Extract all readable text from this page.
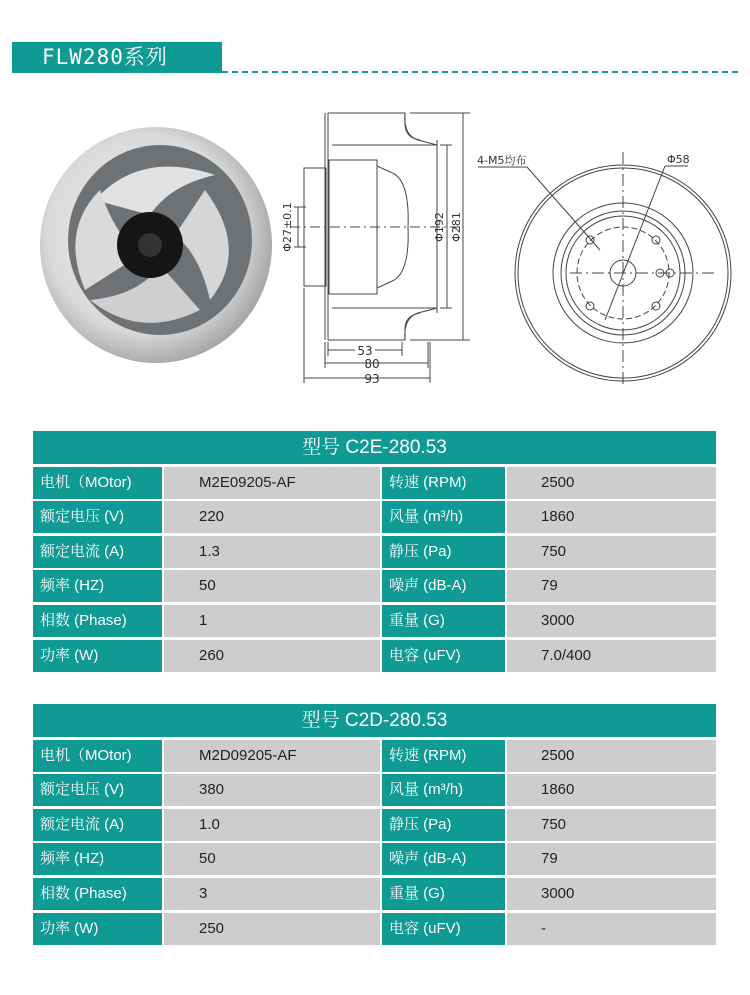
FLW280系列
53
80
93
Φ27±0.1	Φ192 Φ281
4-M5均布	Φ58
型号 C2E-280.53
电机（MOtor)	M2E09205-AF	转速 (RPM)	2500
额定电压 (V)	220	风量 (m³/h)	1860
额定电流 (A)	1.3	静压 (Pa)	750
频率 (HZ)	50	噪声 (dB-A)	79
相数 (Phase)	1	重量 (G)	3000
功率 (W)	260	电容 (uFV)	7.0/400
型号 C2D-280.53
电机（MOtor)	M2D09205-AF	转速 (RPM)	2500
额定电压 (V)	380	风量 (m³/h)	1860
额定电流 (A)	1.0	静压 (Pa)	750
频率 (HZ)	50	噪声 (dB-A)	79
相数 (Phase)	3	重量 (G)	3000
功率 (W)	250	电容 (uFV)	-
